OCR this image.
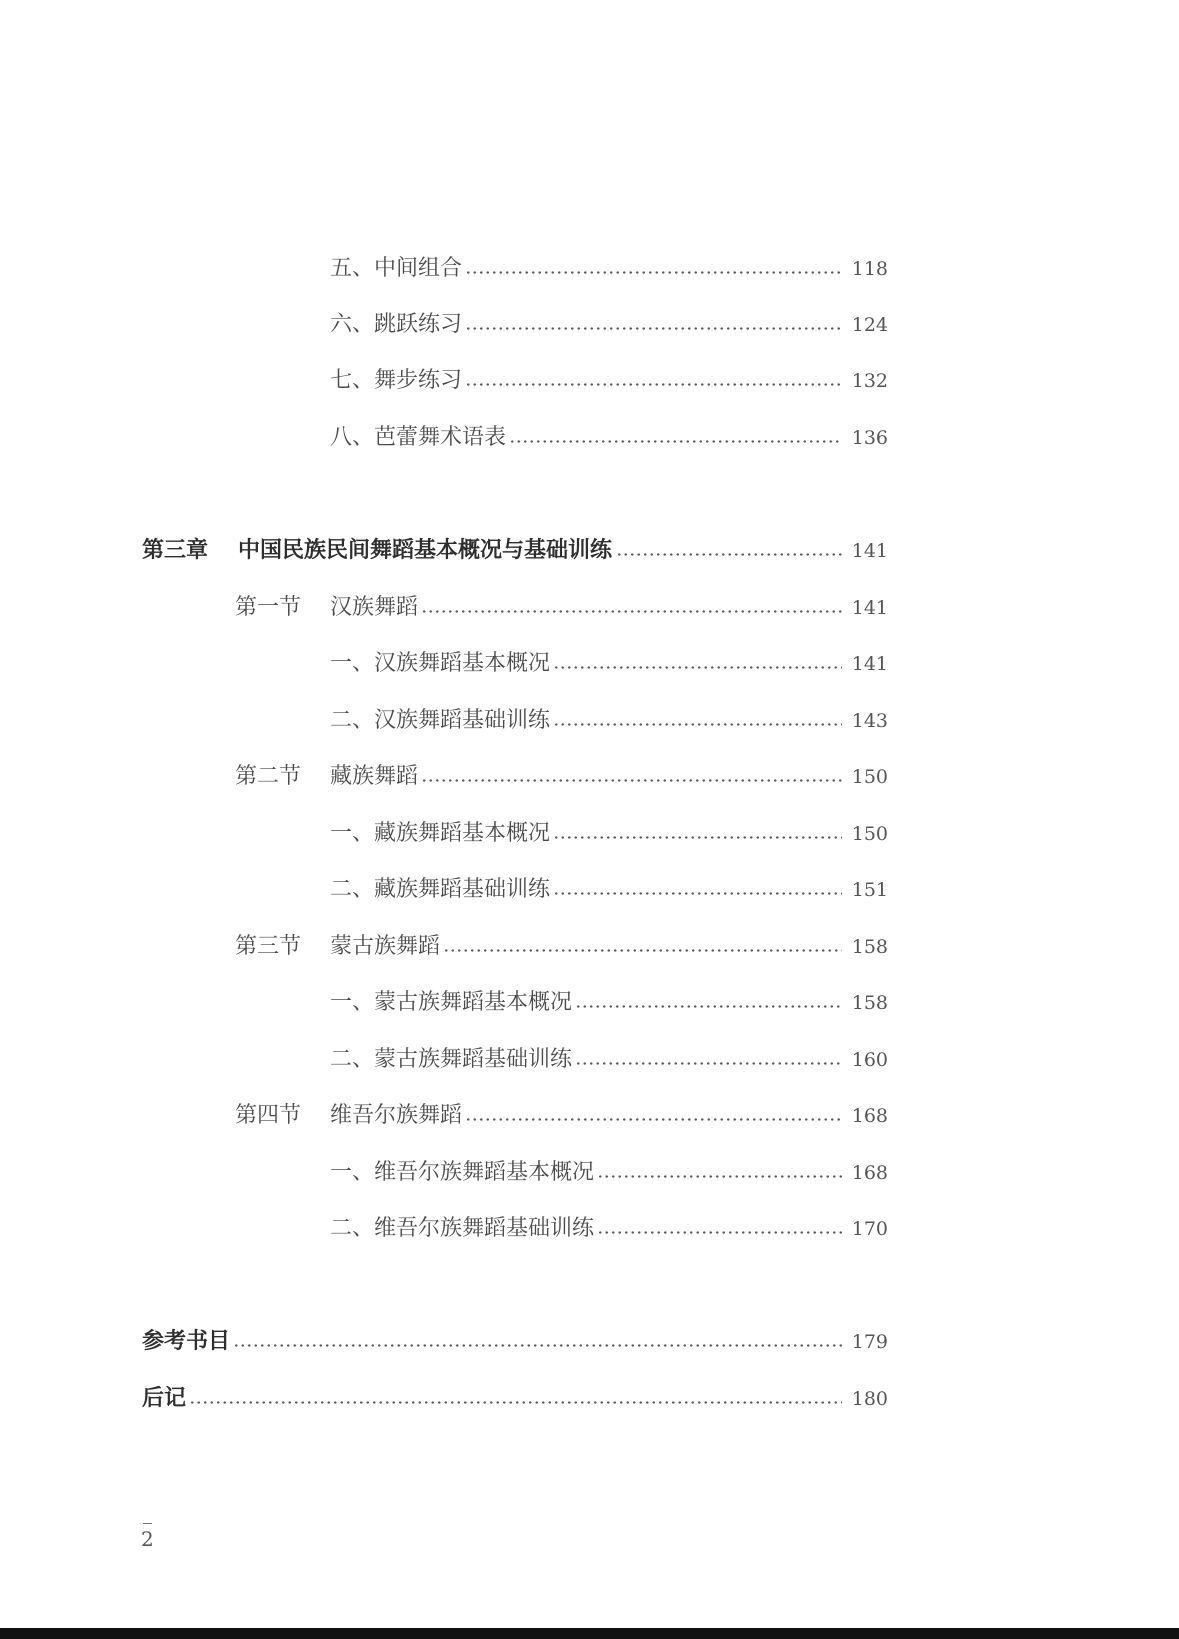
五、中间组合	118
六、跳跃练习	124
七、舞步练习	132
八、芭蕾舞术语表	136
第三章 中国民族民间舞蹈基本概况与基础训练	141
第一节 汉族舞蹈	141
一、汉族舞蹈基本概况	141
二、汉族舞蹈基础训练	143
第二节 藏族舞蹈	150
一、藏族舞蹈基本概况	150
二、藏族舞蹈基础训练	151
第三节 蒙古族舞蹈	158
一、蒙古族舞蹈基本概况	158
二、蒙古族舞蹈基础训练	160
第四节 维吾尔族舞蹈	168
一、维吾尔族舞蹈基本概况	168
二、维吾尔族舞蹈基础训练	170
参考书目	179
后记	180
2
